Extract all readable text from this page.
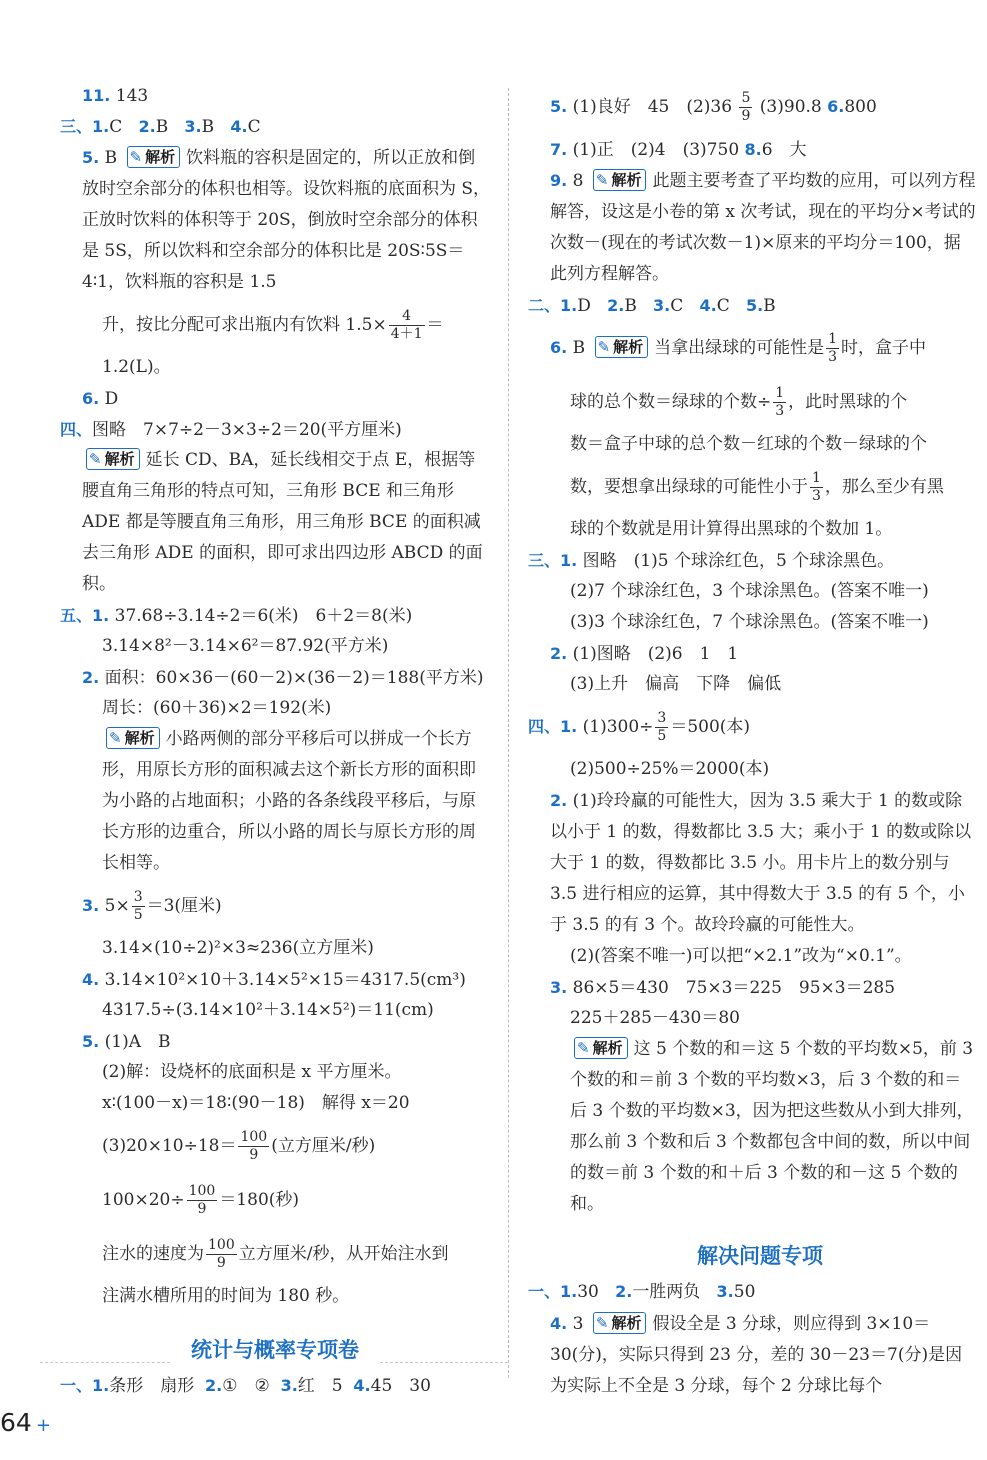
11. 143
三、1.C 2.B 3.B 4.C
5. B ✎ 解析 饮料瓶的容积是固定的，所以正放和倒放时空余部分的体积也相等。设饮料瓶的底面积为 S，正放时饮料的体积等于 20S，倒放时空余部分的体积是 5S，所以饮料和空余部分的体积比是 20S∶5S＝4∶1，饮料瓶的容积是 1.5
升，按比分配可求出瓶内有饮料 $1.5\times \frac{4}{4+1}$ ＝
1.2(L)。
6. D
四、图略　7×7÷2－3×3÷2＝20(平方厘米)
✎ 解析 延长 CD、BA，延长线相交于点 E，根据等腰直角三角形的特点可知，三角形 BCE 和三角形 ADE 都是等腰直角三角形，用三角形 BCE 的面积减去三角形 ADE 的面积，即可求出四边形 ABCD 的面积。
五、1. 37.68÷3.14÷2＝6(米)　6＋2＝8(米)
3.14×8²－3.14×6²＝87.92(平方米)
2. 面积：60×36－(60－2)×(36－2)＝188(平方米)
周长：(60＋36)×2＝192(米)
✎ 解析 小路两侧的部分平移后可以拼成一个长方形，用原长方形的面积减去这个新长方形的面积即为小路的占地面积；小路的各条线段平移后，与原长方形的边重合，所以小路的周长与原长方形的周长相等。
3. $5\times \frac{3}{5} =3$(厘米)
3.14×(10÷2)²×3≈236(立方厘米)
4. 3.14×10²×10＋3.14×5²×15＝4317.5(cm³)
4317.5÷(3.14×10²＋3.14×5²)＝11(cm)
5. (1)A　B
(2)解：设烧杯的底面积是 x 平方厘米。
x∶(100－x)＝18∶(90－18)　解得 x＝20
$(3)20\times 10\div 18= \frac{100}{9}$ (立方厘米/秒)
$100\times 20\div \frac{100}{9} =180$(秒)
注水的速度为 $\frac{100}{9}$ 立方厘米/秒，从开始注水到
注满水槽所用的时间为 180 秒。
统计与概率专项卷
一、1.条形　扇形 2.①　② 3.红　5 4.45　30
5. (1)良好　45　$(2)36 \frac{5}{9} (3)90.8$ 6.800
7. (1)正　(2)4　(3)750 8.6　大
9. 8 ✎ 解析 此题主要考查了平均数的应用，可以列方程解答，设这是小卷的第 x 次考试，现在的平均分×考试的次数－(现在的考试次数－1)×原来的平均分＝100，据此列方程解答。
二、1.D 2.B 3.C 4.C 5.B
6. B ✎ 解析 当拿出绿球的可能性是 $\frac{1}{3}$ 时，盒子中
球的总个数＝绿球的个数÷ $\frac{1}{3}$ ，此时黑球的个
数＝盒子中球的总个数－红球的个数－绿球的个
数，要想拿出绿球的可能性小于 $\frac{1}{3}$ ，那么至少有黑
球的个数就是用计算得出黑球的个数加 1。
三、1. 图略　(1)5 个球涂红色，5 个球涂黑色。
(2)7 个球涂红色，3 个球涂黑色。(答案不唯一)
(3)3 个球涂红色，7 个球涂黑色。(答案不唯一)
2. (1)图略　(2)6　1　1
(3)上升　偏高　下降　偏低
四、1. $(1)300\div \frac{3}{5} =500$(本)
(2)500÷25%＝2000(本)
2. (1)玲玲赢的可能性大，因为 3.5 乘大于 1 的数或除以小于 1 的数，得数都比 3.5 大；乘小于 1 的数或除以大于 1 的数，得数都比 3.5 小。用卡片上的数分别与 3.5 进行相应的运算，其中得数大于 3.5 的有 5 个，小于 3.5 的有 3 个。故玲玲赢的可能性大。
(2)(答案不唯一)可以把“×2.1”改为“×0.1”。
3. 86×5＝430　75×3＝225　95×3＝285
225＋285－430＝80
✎ 解析 这 5 个数的和＝这 5 个数的平均数×5，前 3 个数的和＝前 3 个数的平均数×3，后 3 个数的和＝后 3 个数的平均数×3，因为把这些数从小到大排列，那么前 3 个数和后 3 个数都包含中间的数，所以中间的数＝前 3 个数的和＋后 3 个数的和－这 5 个数的和。
解决问题专项
一、1.30 2.一胜两负 3.50
4. 3 ✎ 解析 假设全是 3 分球，则应得到 3×10＝30(分)，实际只得到 23 分，差的 30－23＝7(分)是因为实际上不全是 3 分球，每个 2 分球比每个
64 +
